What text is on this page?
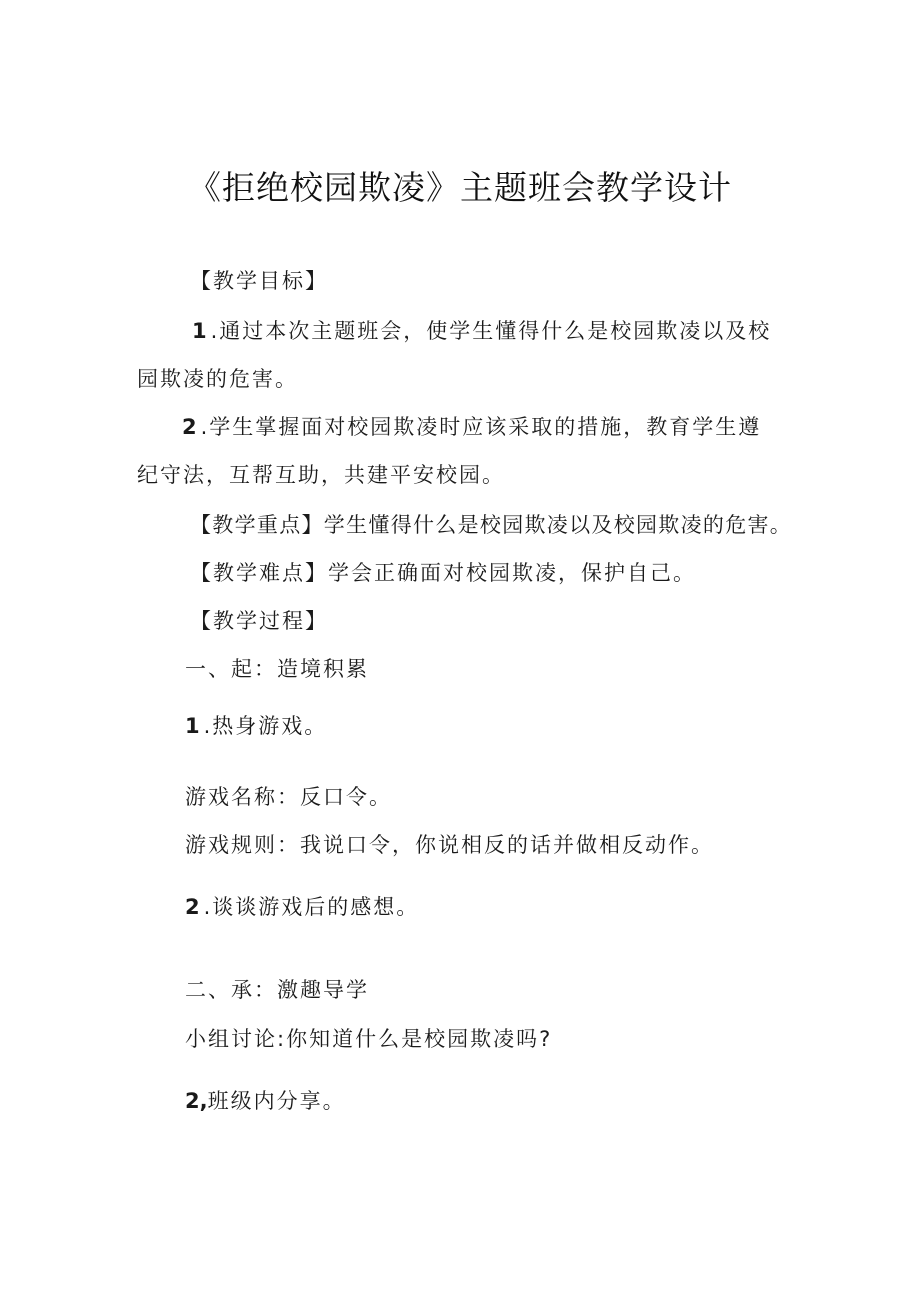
《拒绝校园欺凌》主题班会教学设计
【教学目标】
1.通过本次主题班会，使学生懂得什么是校园欺凌以及校
园欺凌的危害。
2.学生掌握面对校园欺凌时应该采取的措施，教育学生遵
纪守法，互帮互助，共建平安校园。
【教学重点】学生懂得什么是校园欺凌以及校园欺凌的危害。
【教学难点】学会正确面对校园欺凌，保护自己。
【教学过程】
一、起：造境积累
1.热身游戏。
游戏名称：反口令。
游戏规则：我说口令，你说相反的话并做相反动作。
2.谈谈游戏后的感想。
二、承：激趣导学
小组讨论:你知道什么是校园欺凌吗?
2,班级内分享。
